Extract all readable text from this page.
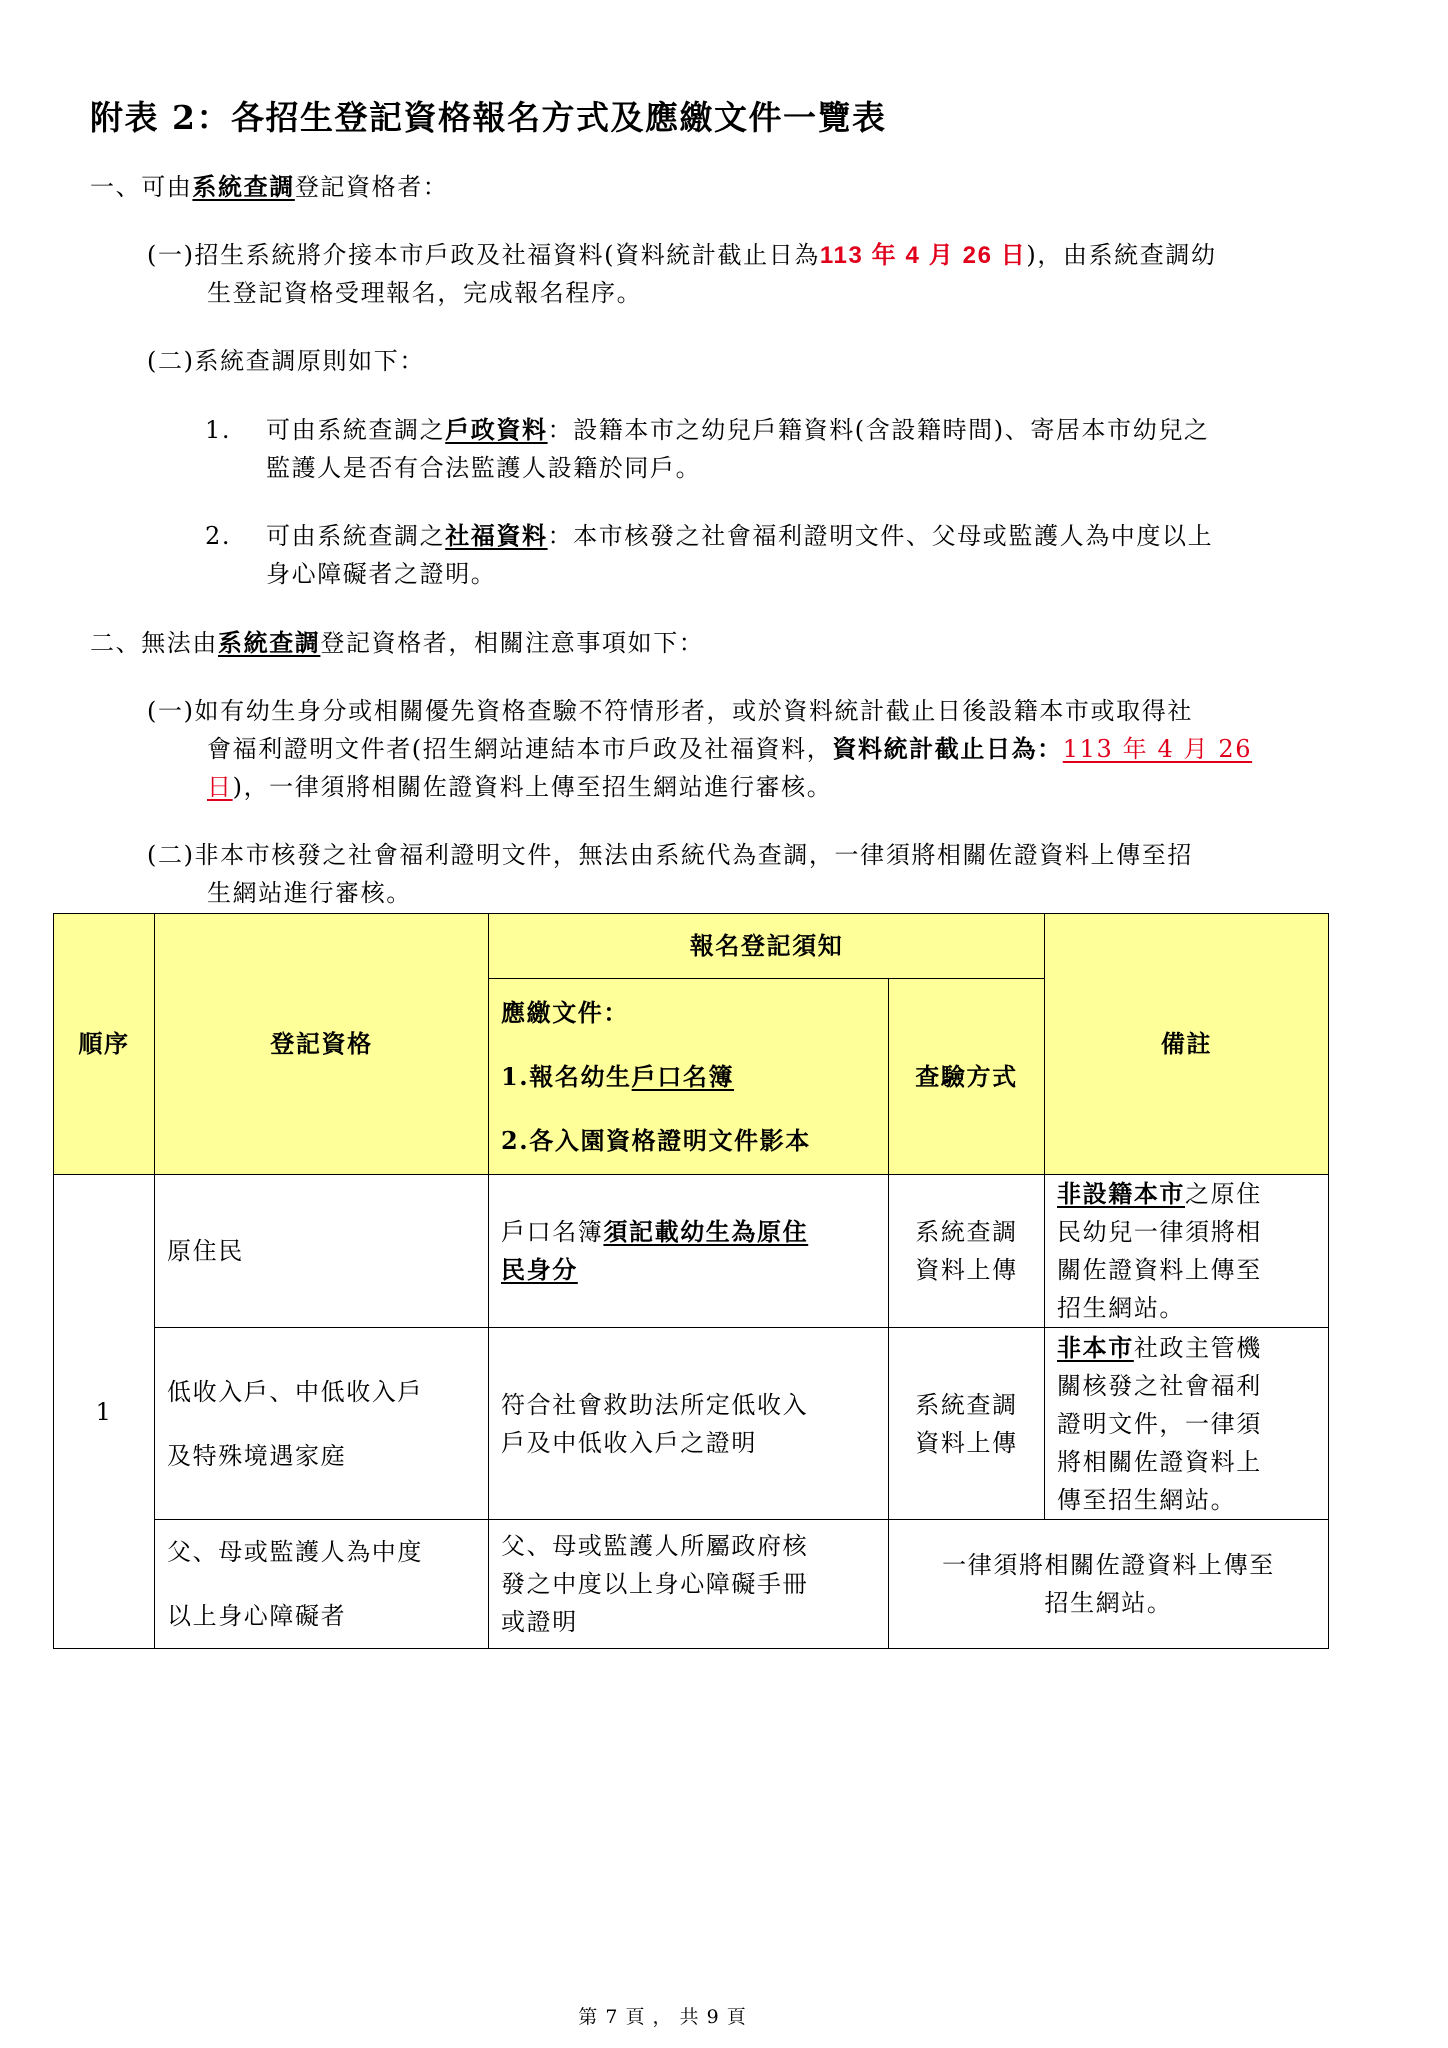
附表 2：各招生登記資格報名方式及應繳文件一覽表
一、可由系統查調登記資格者：
(一)招生系統將介接本市戶政及社福資料(資料統計截止日為113 年 4 月 26 日)，由系統查調幼
生登記資格受理報名，完成報名程序。
(二)系統查調原則如下：
1. 可由系統查調之戶政資料：設籍本市之幼兒戶籍資料(含設籍時間)、寄居本市幼兒之
監護人是否有合法監護人設籍於同戶。
2. 可由系統查調之社福資料：本市核發之社會福利證明文件、父母或監護人為中度以上
身心障礙者之證明。
二、無法由系統查調登記資格者，相關注意事項如下：
(一)如有幼生身分或相關優先資格查驗不符情形者，或於資料統計截止日後設籍本市或取得社
會福利證明文件者(招生網站連結本市戶政及社福資料，資料統計截止日為：113 年 4 月 26
日)，一律須將相關佐證資料上傳至招生網站進行審核。
(二)非本市核發之社會福利證明文件，無法由系統代為查調，一律須將相關佐證資料上傳至招
生網站進行審核。
順序	登記資格	報名登記須知		備註

		應繳文件：
1.報名幼生戶口名簿
2.各入園資格證明文件影本	查驗方式	
1	原住民	戶口名簿須記載幼生為原住
民身分	系統查調
資料上傳	非設籍本市之原住
民幼兒一律須將相
關佐證資料上傳至
招生網站。

	低收入戶、中低收入戶
及特殊境遇家庭	符合社會救助法所定低收入
戶及中低收入戶之證明	系統查調
資料上傳	非本市社政主管機
關核發之社會福利
證明文件，一律須
將相關佐證資料上
傳至招生網站。

	父、母或監護人為中度
以上身心障礙者	父、母或監護人所屬政府核
發之中度以上身心障礙手冊
或證明	一律須將相關佐證資料上傳至
招生網站。	
第 7 頁 ， 共 9 頁
